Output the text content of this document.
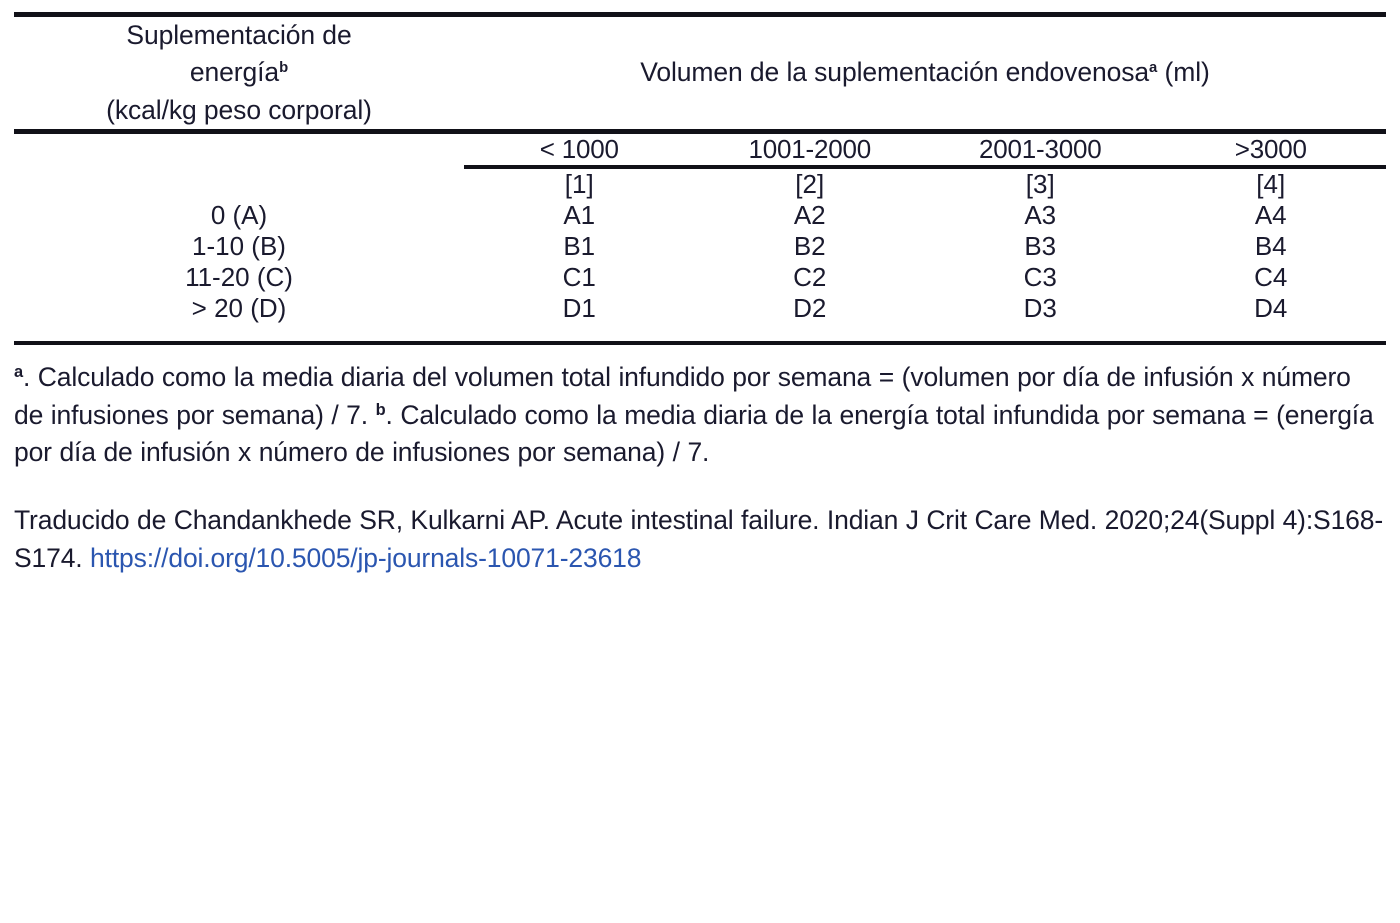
Suplementación de
energía$^b$
(kcal/kg peso corporal)	Volumen de la suplementación endovenosa$^a$ (ml)
	< 1000	1001-2000	2001-3000	>3000

	[1]	[2]	[3]	[4]
0 (A)	A1	A2	A3	A4
1-10 (B)	B1	B2	B3	B4
11-20 (C)	C1	C2	C3	C4
> 20 (D)	D1	D2	D3	D4

$^a$. Calculado como la media diaria del volumen total infundido por semana = (volumen por día de infusión x número de infusiones por semana) / 7. $^b$. Calculado como la media diaria de la energía total infundida por semana = (energía por día de infusión x número de infusiones por semana) / 7.

Traducido de Chandankhede SR, Kulkarni AP. Acute intestinal failure. Indian J Crit Care Med. 2020;24(Suppl 4):S168-S174. https://doi.org/10.5005/jp-journals-10071-23618
